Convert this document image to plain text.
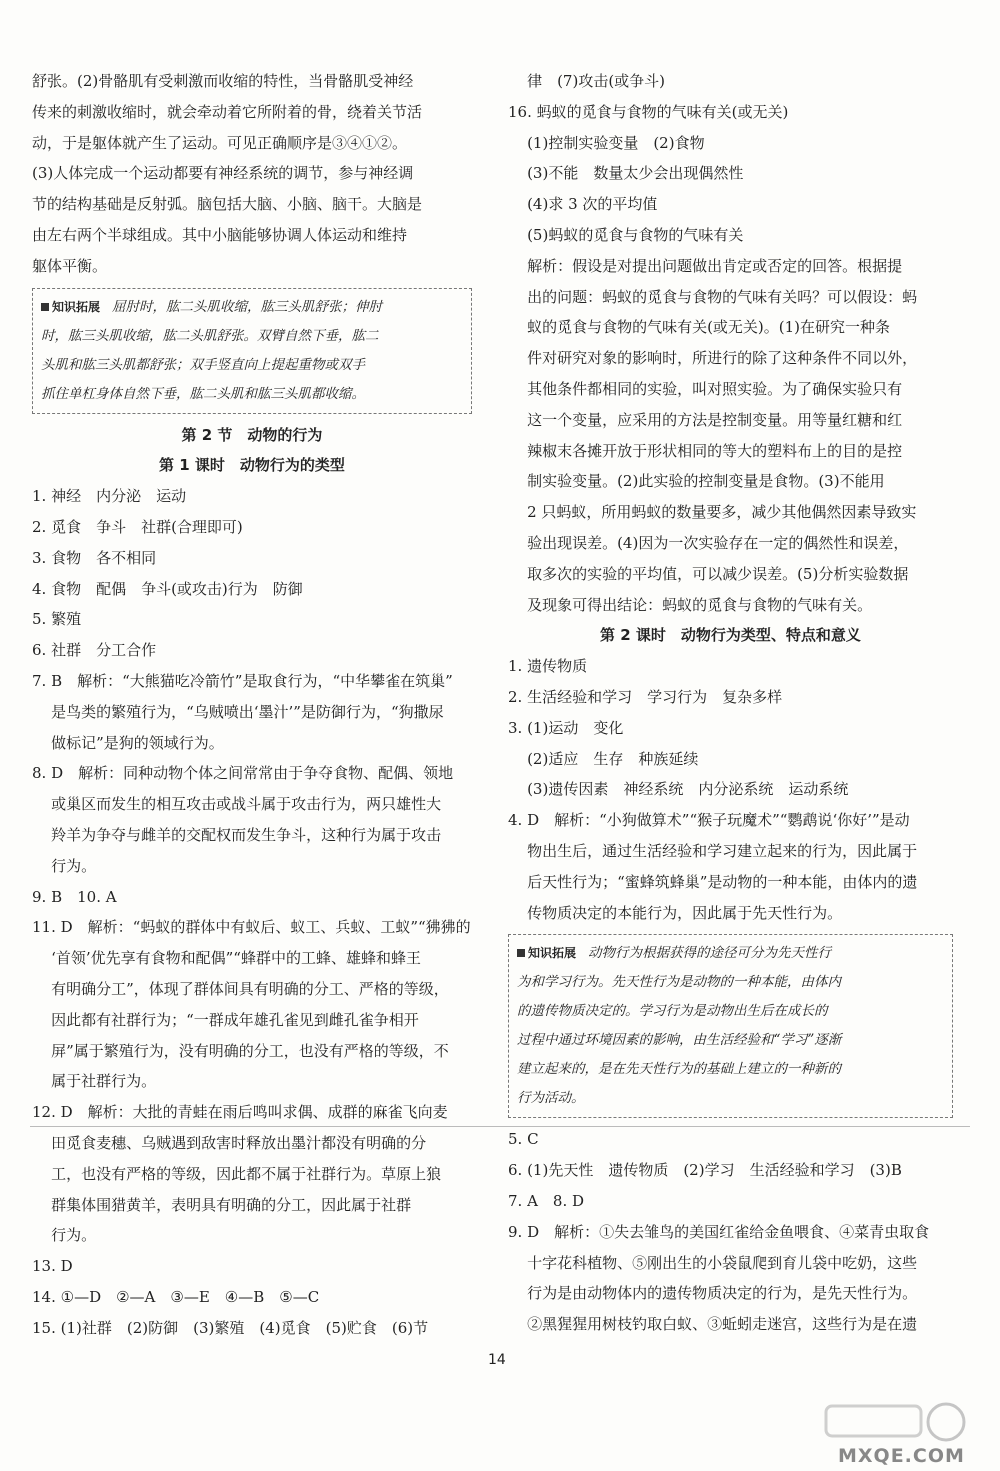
舒张。(2)骨骼肌有受刺激而收缩的特性，当骨骼肌受神经
传来的刺激收缩时，就会牵动着它所附着的骨，绕着关节活
动，于是躯体就产生了运动。可见正确顺序是③④①②。
(3)人体完成一个运动都要有神经系统的调节，参与神经调
节的结构基础是反射弧。脑包括大脑、小脑、脑干。大脑是
由左右两个半球组成。其中小脑能够协调人体运动和维持
躯体平衡。
知识拓展　屈肘时，肱二头肌收缩，肱三头肌舒张；伸肘
时，肱三头肌收缩，肱二头肌舒张。双臂自然下垂，肱二
头肌和肱三头肌都舒张；双手竖直向上提起重物或双手
抓住单杠身体自然下垂，肱二头肌和肱三头肌都收缩。
第 2 节　动物的行为
第 1 课时　动物行为的类型
1. 神经　内分泌　运动
2. 觅食　争斗　社群(合理即可)
3. 食物　各不相同
4. 食物　配偶　争斗(或攻击)行为　防御
5. 繁殖
6. 社群　分工合作
7. B　解析：“大熊猫吃冷箭竹”是取食行为，“中华攀雀在筑巢”
是鸟类的繁殖行为，“乌贼喷出‘墨汁’”是防御行为，“狗撒尿
做标记”是狗的领域行为。
8. D　解析：同种动物个体之间常常由于争夺食物、配偶、领地
或巢区而发生的相互攻击或战斗属于攻击行为，两只雄性大
羚羊为争夺与雌羊的交配权而发生争斗，这种行为属于攻击
行为。
9. B　10. A
11. D　解析：“蚂蚁的群体中有蚁后、蚁工、兵蚁、工蚁”“狒狒的
‘首领’优先享有食物和配偶”“蜂群中的工蜂、雄蜂和蜂王
有明确分工”，体现了群体间具有明确的分工、严格的等级，
因此都有社群行为；“一群成年雄孔雀见到雌孔雀争相开
屏”属于繁殖行为，没有明确的分工，也没有严格的等级，不
属于社群行为。
12. D　解析：大批的青蛙在雨后鸣叫求偶、成群的麻雀飞向麦
田觅食麦穗、乌贼遇到敌害时释放出墨汁都没有明确的分
工，也没有严格的等级，因此都不属于社群行为。草原上狼
群集体围猎黄羊，表明具有明确的分工，因此属于社群
行为。
13. D
14. ①—D　②—A　③—E　④—B　⑤—C
15. (1)社群　(2)防御　(3)繁殖　(4)觅食　(5)贮食　(6)节
律　(7)攻击(或争斗)
16. 蚂蚁的觅食与食物的气味有关(或无关)
(1)控制实验变量　(2)食物
(3)不能　数量太少会出现偶然性
(4)求 3 次的平均值
(5)蚂蚁的觅食与食物的气味有关
解析：假设是对提出问题做出肯定或否定的回答。根据提
出的问题：蚂蚁的觅食与食物的气味有关吗？可以假设：蚂
蚁的觅食与食物的气味有关(或无关)。(1)在研究一种条
件对研究对象的影响时，所进行的除了这种条件不同以外，
其他条件都相同的实验，叫对照实验。为了确保实验只有
这一个变量，应采用的方法是控制变量。用等量红糖和红
辣椒末各摊开放于形状相同的等大的塑料布上的目的是控
制实验变量。(2)此实验的控制变量是食物。(3)不能用
2 只蚂蚁，所用蚂蚁的数量要多，减少其他偶然因素导致实
验出现误差。(4)因为一次实验存在一定的偶然性和误差，
取多次的实验的平均值，可以减少误差。(5)分析实验数据
及现象可得出结论：蚂蚁的觅食与食物的气味有关。
第 2 课时　动物行为类型、特点和意义
1. 遗传物质
2. 生活经验和学习　学习行为　复杂多样
3. (1)运动　变化
(2)适应　生存　种族延续
(3)遗传因素　神经系统　内分泌系统　运动系统
4. D　解析：“小狗做算术”“猴子玩魔术”“鹦鹉说‘你好’”是动
物出生后，通过生活经验和学习建立起来的行为，因此属于
后天性行为；“蜜蜂筑蜂巢”是动物的一种本能，由体内的遗
传物质决定的本能行为，因此属于先天性行为。
知识拓展　动物行为根据获得的途径可分为先天性行
为和学习行为。先天性行为是动物的一种本能，由体内
的遗传物质决定的。学习行为是动物出生后在成长的
过程中通过环境因素的影响，由生活经验和“学习”逐渐
建立起来的，是在先天性行为的基础上建立的一种新的
行为活动。
5. C
6. (1)先天性　遗传物质　(2)学习　生活经验和学习　(3)B
7. A　8. D
9. D　解析：①失去雏鸟的美国红雀给金鱼喂食、④菜青虫取食
十字花科植物、⑤刚出生的小袋鼠爬到育儿袋中吃奶，这些
行为是由动物体内的遗传物质决定的行为，是先天性行为。
②黑猩猩用树枝钓取白蚁、③蚯蚓走迷宫，这些行为是在遗
14
MXQE.COM
